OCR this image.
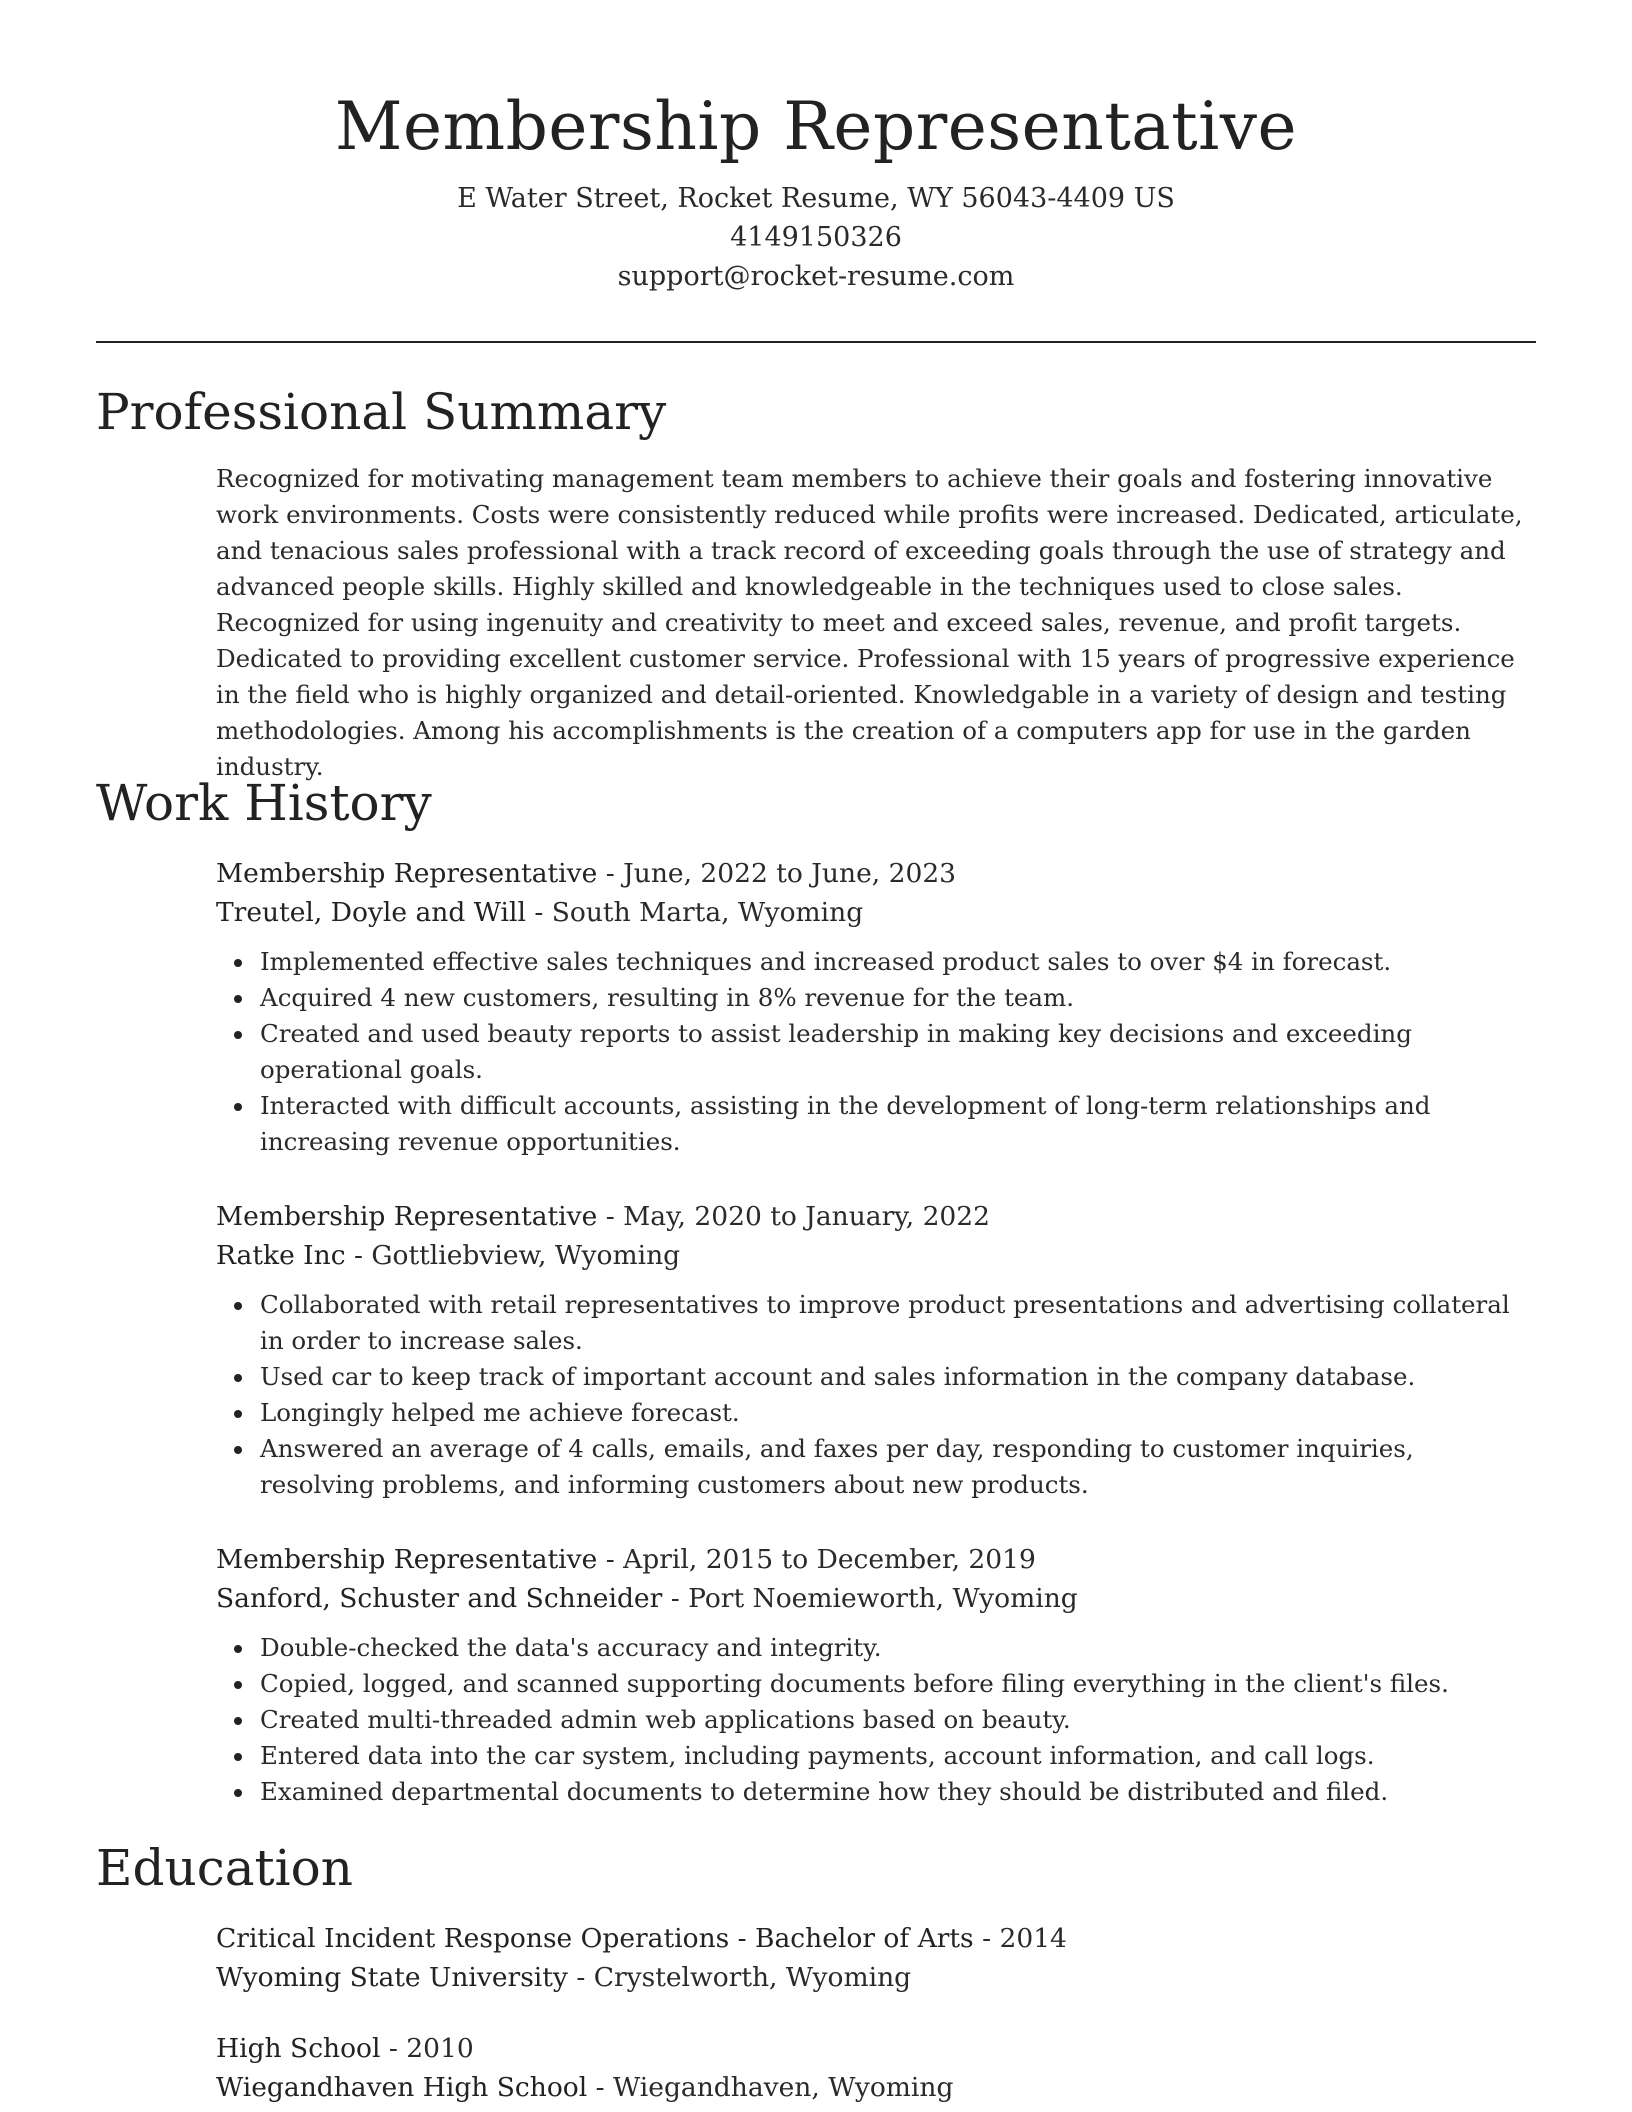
Membership Representative
E Water Street, Rocket Resume, WY 56043-4409 US
4149150326
support@rocket-resume.com
Professional Summary

Recognized for motivating management team members to achieve their goals and fostering innovative work environments. Costs were consistently reduced while profits were increased. Dedicated, articulate, and tenacious sales professional with a track record of exceeding goals through the use of strategy and advanced people skills. Highly skilled and knowledgeable in the techniques used to close sales. Recognized for using ingenuity and creativity to meet and exceed sales, revenue, and profit targets. Dedicated to providing excellent customer service. Professional with 15 years of progressive experience in the field who is highly organized and detail-oriented. Knowledgable in a variety of design and testing methodologies. Among his accomplishments is the creation of a computers app for use in the garden industry.

Work History
Membership Representative - June, 2022 to June, 2023
Treutel, Doyle and Will - South Marta, Wyoming
Implemented effective sales techniques and increased product sales to over $4 in forecast.
Acquired 4 new customers, resulting in 8% revenue for the team.
Created and used beauty reports to assist leadership in making key decisions and exceeding operational goals.
Interacted with difficult accounts, assisting in the development of long-term relationships and increasing revenue opportunities.
Membership Representative - May, 2020 to January, 2022
Ratke Inc - Gottliebview, Wyoming
Collaborated with retail representatives to improve product presentations and advertising collateral in order to increase sales.
Used car to keep track of important account and sales information in the company database.
Longingly helped me achieve forecast.
Answered an average of 4 calls, emails, and faxes per day, responding to customer inquiries, resolving problems, and informing customers about new products.
Membership Representative - April, 2015 to December, 2019
Sanford, Schuster and Schneider - Port Noemieworth, Wyoming
Double-checked the data's accuracy and integrity.
Copied, logged, and scanned supporting documents before filing everything in the client's files.
Created multi-threaded admin web applications based on beauty.
Entered data into the car system, including payments, account information, and call logs.
Examined departmental documents to determine how they should be distributed and filed.
Education
Critical Incident Response Operations - Bachelor of Arts - 2014
Wyoming State University - Crystelworth, Wyoming
High School - 2010
Wiegandhaven High School - Wiegandhaven, Wyoming
